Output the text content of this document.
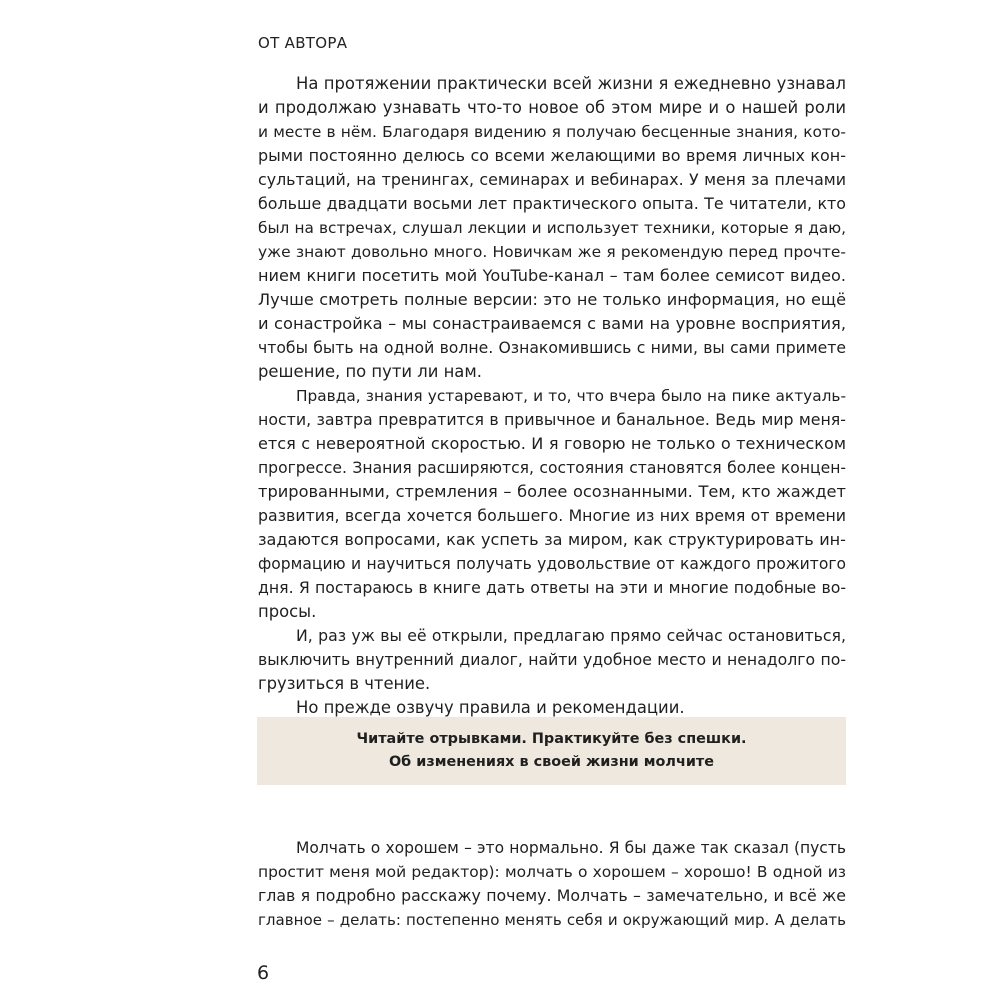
ОТ АВТОРА
На протяжении практически всей жизни я ежедневно узнавал
и продолжаю узнавать что-то новое об этом мире и о нашей роли
и месте в нём. Благодаря видению я получаю бесценные знания, кото-
рыми постоянно делюсь со всеми желающими во время личных кон-
сультаций, на тренингах, семинарах и вебинарах. У меня за плечами
больше двадцати восьми лет практического опыта. Те читатели, кто
был на встречах, слушал лекции и использует техники, которые я даю,
уже знают довольно много. Новичкам же я рекомендую перед прочте-
нием книги посетить мой YouTube-канал – там более семисот видео.
Лучше смотреть полные версии: это не только информация, но ещё
и сонастройка – мы сонастраиваемся с вами на уровне восприятия,
чтобы быть на одной волне. Ознакомившись с ними, вы сами примете
решение, по пути ли нам.
Правда, знания устаревают, и то, что вчера было на пике актуаль-
ности, завтра превратится в привычное и банальное. Ведь мир меня-
ется с невероятной скоростью. И я говорю не только о техническом
прогрессе. Знания расширяются, состояния становятся более концен-
трированными, стремления – более осознанными. Тем, кто жаждет
развития, всегда хочется большего. Многие из них время от времени
задаются вопросами, как успеть за миром, как структурировать ин-
формацию и научиться получать удовольствие от каждого прожитого
дня. Я постараюсь в книге дать ответы на эти и многие подобные во-
просы.
И, раз уж вы её открыли, предлагаю прямо сейчас остановиться,
выключить внутренний диалог, найти удобное место и ненадолго по-
грузиться в чтение.
Но прежде озвучу правила и рекомендации.
Читайте отрывками. Практикуйте без спешки.
Об изменениях в своей жизни молчите
Молчать о хорошем – это нормально. Я бы даже так сказал (пусть
простит меня мой редактор): молчать о хорошем – хорошо! В одной из
глав я подробно расскажу почему. Молчать – замечательно, и всё же
главное – делать: постепенно менять себя и окружающий мир. А делать
6
